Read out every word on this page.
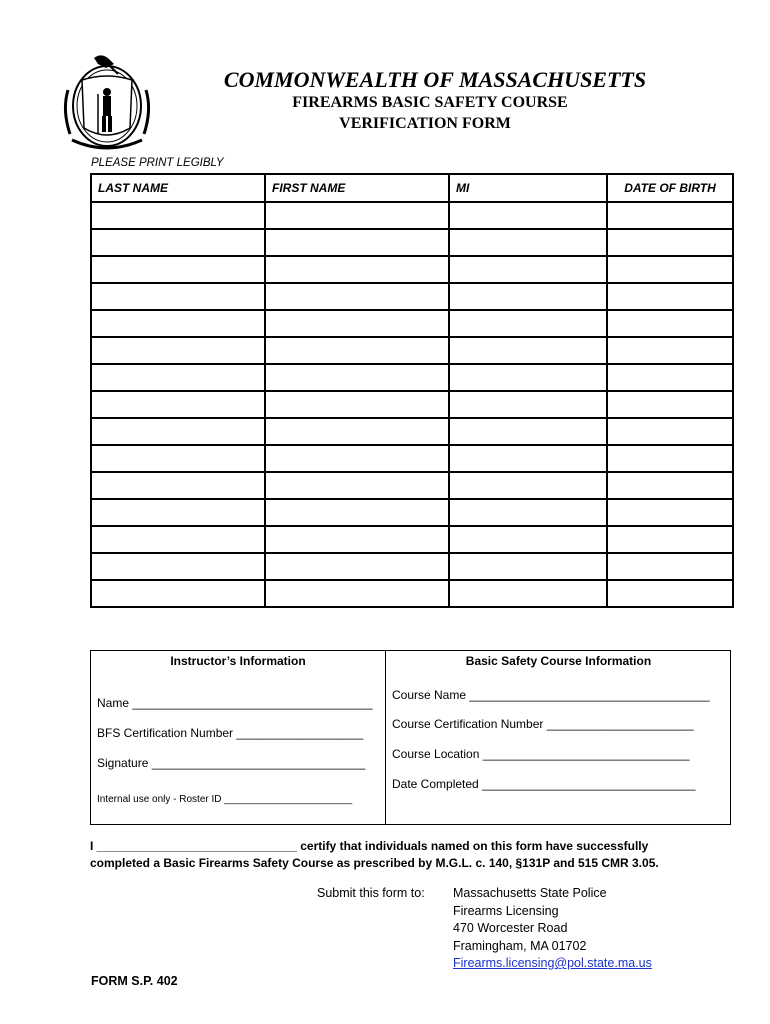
COMMONWEALTH OF MASSACHUSETTS
FIREARMS BASIC SAFETY COURSE
VERIFICATION FORM
PLEASE PRINT LEGIBLY
LAST NAME	FIRST NAME	MI	DATE OF BIRTH

Instructor’s Information	Basic Safety Course Information
Name ____________________________________
BFS Certification Number ___________________
Signature ________________________________
Internal use only - Roster ID _______________________
Course Name ____________________________________
Course Certification Number ______________________
Course Location _______________________________
Date Completed ________________________________
I ______________________________ certify that individuals named on this form have successfully
completed a Basic Firearms Safety Course as prescribed by M.G.L. c. 140, §131P and 515 CMR 3.05.
Submit this form to: Massachusetts State Police
Firearms Licensing
470 Worcester Road
Framingham, MA 01702
Firearms.licensing@pol.state.ma.us
FORM S.P. 402
